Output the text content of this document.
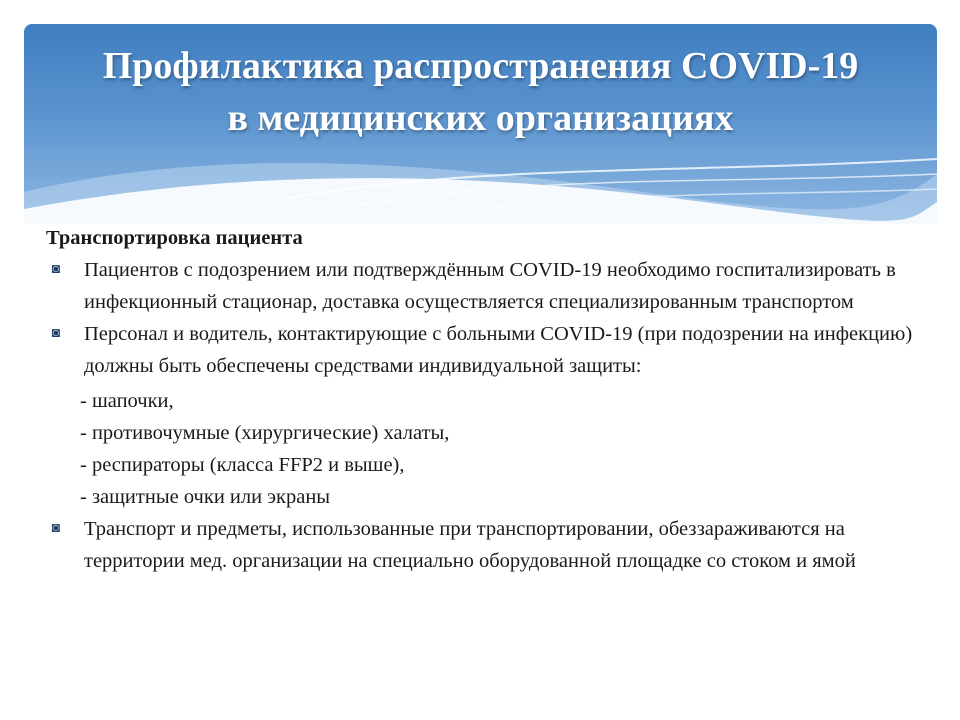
Профилактика распространения COVID-19
в медицинских организациях

Транспортировка пациента

◙ Пациентов с подозрением или подтверждённым COVID-19 необходимо госпитализировать в инфекционный стационар, доставка осуществляется специализированным транспортом

◙ Персонал и водитель, контактирующие с больными COVID-19 (при подозрении на инфекцию) должны быть обеспечены средствами индивидуальной защиты:

- шапочки,

- противочумные (хирургические) халаты,

- респираторы (класса FFP2 и выше),

- защитные очки или экраны

◙ Транспорт и предметы, использованные при транспортировании, обеззараживаются на территории мед. организации на специально оборудованной площадке со стоком и ямой
